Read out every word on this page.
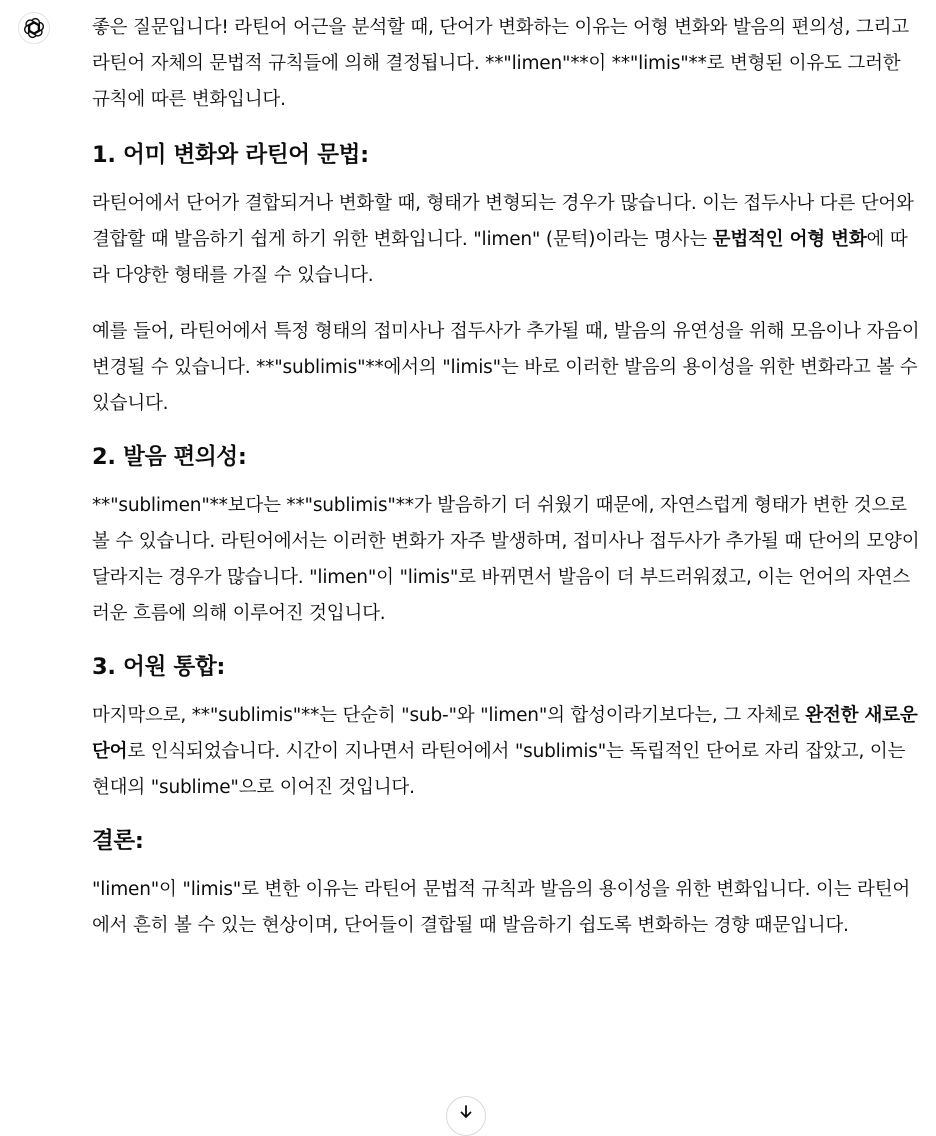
좋은 질문입니다! 라틴어 어근을 분석할 때, 단어가 변화하는 이유는 어형 변화와 발음의 편의성, 그리고 라틴어 자체의 문법적 규칙들에 의해 결정됩니다. **"limen"**이 **"limis"**로 변형된 이유도 그러한 규칙에 따른 변화입니다.

1. 어미 변화와 라틴어 문법:

라틴어에서 단어가 결합되거나 변화할 때, 형태가 변형되는 경우가 많습니다. 이는 접두사나 다른 단어와 결합할 때 발음하기 쉽게 하기 위한 변화입니다. "limen" (문턱)이라는 명사는 문법적인 어형 변화에 따라 다양한 형태를 가질 수 있습니다.

예를 들어, 라틴어에서 특정 형태의 접미사나 접두사가 추가될 때, 발음의 유연성을 위해 모음이나 자음이 변경될 수 있습니다. **"sublimis"**에서의 "limis"는 바로 이러한 발음의 용이성을 위한 변화라고 볼 수 있습니다.

2. 발음 편의성:

**"sublimen"**보다는 **"sublimis"**가 발음하기 더 쉬웠기 때문에, 자연스럽게 형태가 변한 것으로 볼 수 있습니다. 라틴어에서는 이러한 변화가 자주 발생하며, 접미사나 접두사가 추가될 때 단어의 모양이 달라지는 경우가 많습니다. "limen"이 "limis"로 바뀌면서 발음이 더 부드러워졌고, 이는 언어의 자연스러운 흐름에 의해 이루어진 것입니다.

3. 어원 통합:

마지막으로, **"sublimis"**는 단순히 "sub-"와 "limen"의 합성이라기보다는, 그 자체로 완전한 새로운 단어로 인식되었습니다. 시간이 지나면서 라틴어에서 "sublimis"는 독립적인 단어로 자리 잡았고, 이는 현대의 "sublime"으로 이어진 것입니다.

결론:

"limen"이 "limis"로 변한 이유는 라틴어 문법적 규칙과 발음의 용이성을 위한 변화입니다. 이는 라틴어에서 흔히 볼 수 있는 현상이며, 단어들이 결합될 때 발음하기 쉽도록 변화하는 경향 때문입니다.
